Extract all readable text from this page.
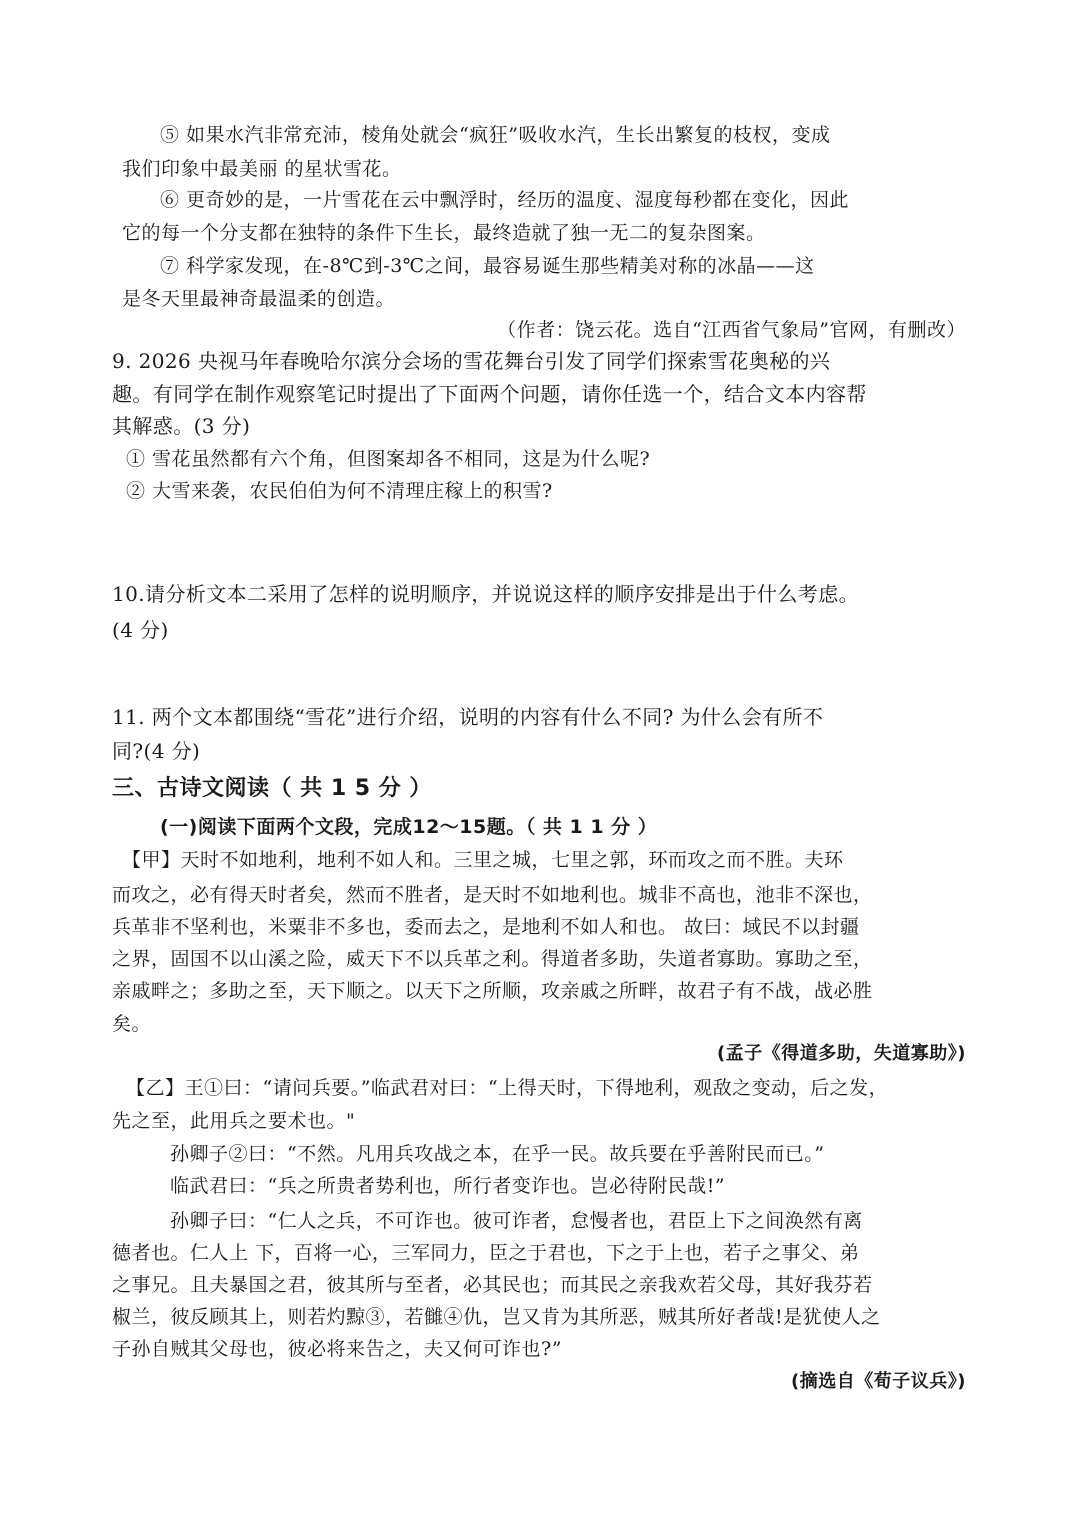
⑤ 如果水汽非常充沛，棱角处就会“疯狂”吸收水汽，生长出繁复的枝杈，变成

我们印象中最美丽 的星状雪花。

⑥ 更奇妙的是，一片雪花在云中飘浮时，经历的温度、湿度每秒都在变化，因此

它的每一个分支都在独特的条件下生长，最终造就了独一无二的复杂图案。

⑦ 科学家发现，在-8℃到-3℃之间，最容易诞生那些精美对称的冰晶——这

是冬天里最神奇最温柔的创造。

（作者：饶云花。选自“江西省气象局”官网，有删改）

9. 2026 央视马年春晚哈尔滨分会场的雪花舞台引发了同学们探索雪花奥秘的兴

趣。有同学在制作观察笔记时提出了下面两个问题，请你任选一个，结合文本内容帮

其解惑。(3 分)

① 雪花虽然都有六个角，但图案却各不相同，这是为什么呢?

② 大雪来袭，农民伯伯为何不清理庄稼上的积雪?

10.请分析文本二采用了怎样的说明顺序，并说说这样的顺序安排是出于什么考虑。

(4 分)

11. 两个文本都围绕“雪花”进行介绍，说明的内容有什么不同? 为什么会有所不

同?(4 分)

三、古诗文阅读（ 共 1 5 分 ）

(一)阅读下面两个文段，完成12～15题。（ 共 1 1 分 ）

【甲】天时不如地利，地利不如人和。三里之城，七里之郭，环而攻之而不胜。夫环

而攻之，必有得天时者矣，然而不胜者，是天时不如地利也。城非不高也，池非不深也，

兵革非不坚利也，米粟非不多也，委而去之，是地利不如人和也。 故曰：域民不以封疆

之界，固国不以山溪之险，威天下不以兵革之利。得道者多助，失道者寡助。寡助之至，

亲戚畔之；多助之至，天下顺之。以天下之所顺，攻亲戚之所畔，故君子有不战，战必胜

矣。

(孟子《得道多助，失道寡助》)

【乙】王①曰：“请问兵要。”临武君对曰：“上得天时，下得地利，观敌之变动，后之发，

先之至，此用兵之要术也。"

孙卿子②曰：“不然。凡用兵攻战之本，在乎一民。故兵要在乎善附民而已。”

临武君曰：“兵之所贵者势利也，所行者变诈也。岂必待附民哉!”

孙卿子曰：“仁人之兵，不可诈也。彼可诈者，怠慢者也，君臣上下之间涣然有离

德者也。仁人上 下，百将一心，三军同力，臣之于君也，下之于上也，若子之事父、弟

之事兄。且夫暴国之君，彼其所与至者，必其民也；而其民之亲我欢若父母，其好我芬若

椒兰，彼反顾其上，则若灼黥③，若雠④仇，岂又肯为其所恶，贼其所好者哉!是犹使人之

子孙自贼其父母也，彼必将来告之，夫又何可诈也?”

(摘选自《荀子议兵》)
